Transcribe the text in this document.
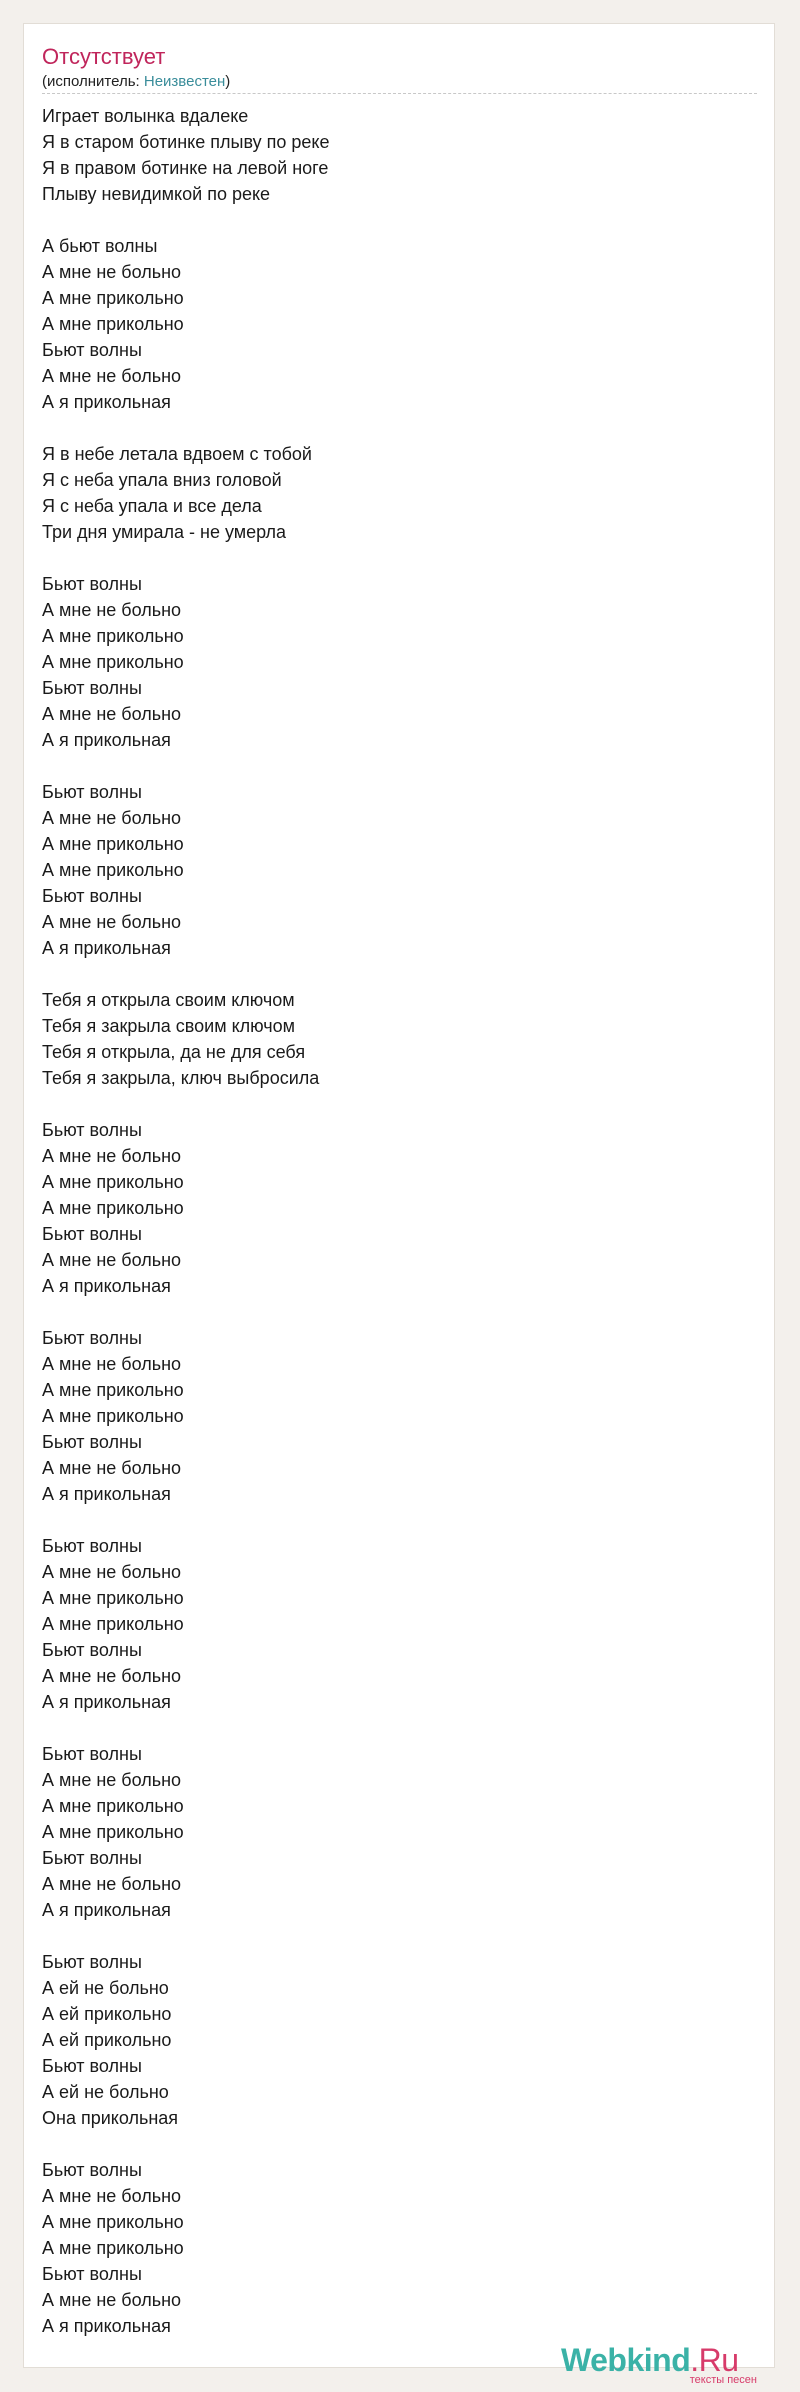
Отсутствует
(исполнитель: Неизвестен)
Играет волынка вдалеке
Я в старом ботинке плыву по реке
Я в правом ботинке на левой ноге
Плыву невидимкой по реке
А бьют волны
А мне не больно
А мне прикольно
А мне прикольно
Бьют волны
А мне не больно
А я прикольная
Я в небе летала вдвоем с тобой
Я с неба упала вниз головой
Я с неба упала и все дела
Три дня умирала - не умерла
Бьют волны
А мне не больно
А мне прикольно
А мне прикольно
Бьют волны
А мне не больно
А я прикольная
Бьют волны
А мне не больно
А мне прикольно
А мне прикольно
Бьют волны
А мне не больно
А я прикольная
Тебя я открыла своим ключом
Тебя я закрыла своим ключом
Тебя я открыла, да не для себя
Тебя я закрыла, ключ выбросила
Бьют волны
А мне не больно
А мне прикольно
А мне прикольно
Бьют волны
А мне не больно
А я прикольная
Бьют волны
А мне не больно
А мне прикольно
А мне прикольно
Бьют волны
А мне не больно
А я прикольная
Бьют волны
А мне не больно
А мне прикольно
А мне прикольно
Бьют волны
А мне не больно
А я прикольная
Бьют волны
А мне не больно
А мне прикольно
А мне прикольно
Бьют волны
А мне не больно
А я прикольная
Бьют волны
А ей не больно
А ей прикольно
А ей прикольно
Бьют волны
А ей не больно
Она прикольная
Бьют волны
А мне не больно
А мне прикольно
А мне прикольно
Бьют волны
А мне не больно
А я прикольная
Webkind.Ru
тексты песен
